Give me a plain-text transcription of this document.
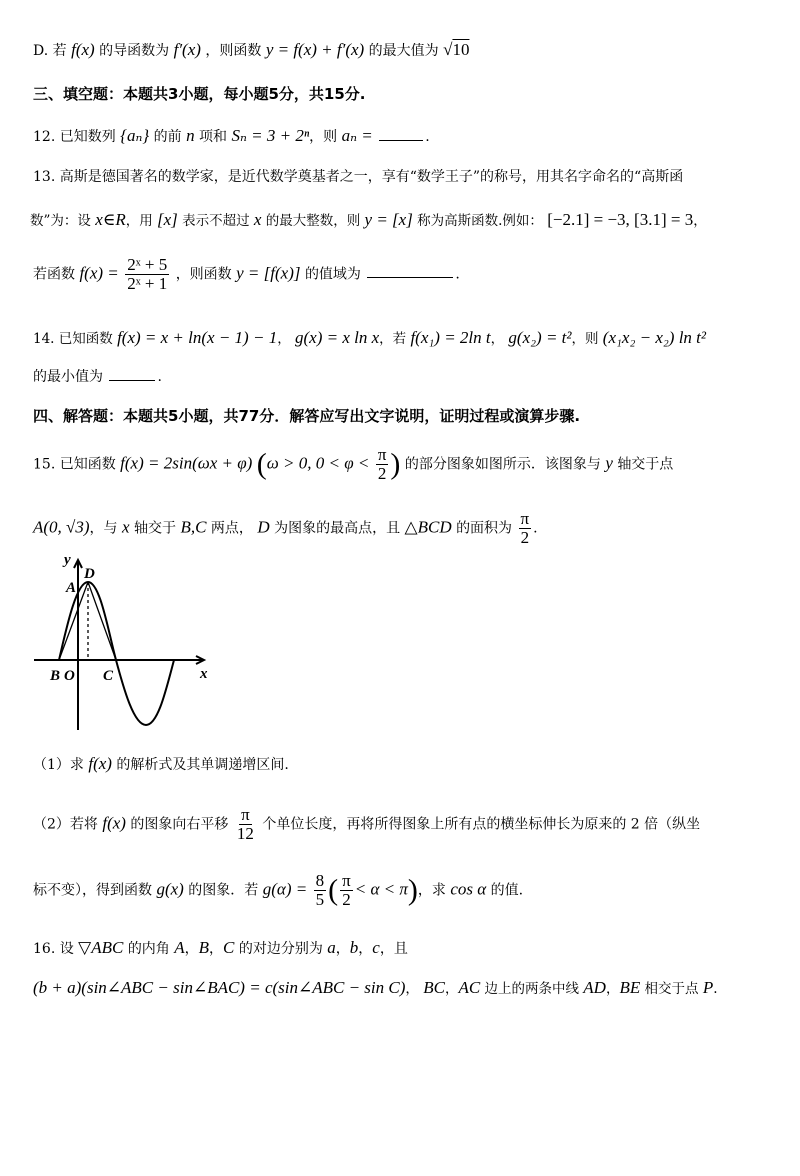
D. 若 f(x) 的导函数为 f′(x) ，则函数 y = f(x) + f′(x) 的最大值为 √10
三、填空题：本题共3小题，每小题5分，共15分.
12. 已知数列 {aₙ} 的前 n 项和 Sₙ = 3 + 2ⁿ，则 aₙ =	.
13. 高斯是德国著名的数学家，是近代数学奠基者之一，享有“数学王子”的称号，用其名字命名的“高斯函
数”为：设 x∈R，用 [x] 表示不超过 x 的最大整数，则 y = [x] 称为高斯函数.例如： [−2.1] = −3, [3.1] = 3，
若函数 $f(x) = \frac{\text{2ˣ + 5}}{\text{2ˣ + 1}}$ ，则函数 y = [f(x)] 的值域为	.
14. 已知函数 f(x) = x + ln(x − 1) − 1， g(x) = x ln x，若 f(x₁) = 2ln t， g(x₂) = t²，则 (x₁x₂ − x₂) ln t²
的最小值为	.
四、解答题：本题共5小题，共77分．解答应写出文字说明，证明过程或演算步骤.
15. 已知函数 f(x) = 2sin(ωx + φ) (ω > 0, $0 < \varphi < \frac{\pi}{2}$ ) 的部分图象如图所示．该图象与 y 轴交于点
A(0, √3)，与 x 轴交于 B,C 两点， D 为图象的最高点，且 △BCD 的面积为 $\frac{\pi}{2}$ .
y
D
A
B O C	x
（1）求 f(x) 的解析式及其单调递增区间.
（2）若将 f(x) 的图象向右平移 $\frac{\pi}{12}$ 个单位长度，再将所得图象上所有点的横坐标伸长为原来的 2 倍（纵坐
标不变），得到函数 g(x) 的图象．若 $g(\alpha) = \frac{8}{5}$ ( $\frac{\pi}{2} < \alpha < \pi$)，求 cos α 的值.
16. 设 ▽ABC 的内角 A，B，C 的对边分别为 a，b，c，且
(b + a)(sin∠ABC − sin∠BAC) = c(sin∠ABC − sin C)， BC，AC 边上的两条中线 AD，BE 相交于点 P.
